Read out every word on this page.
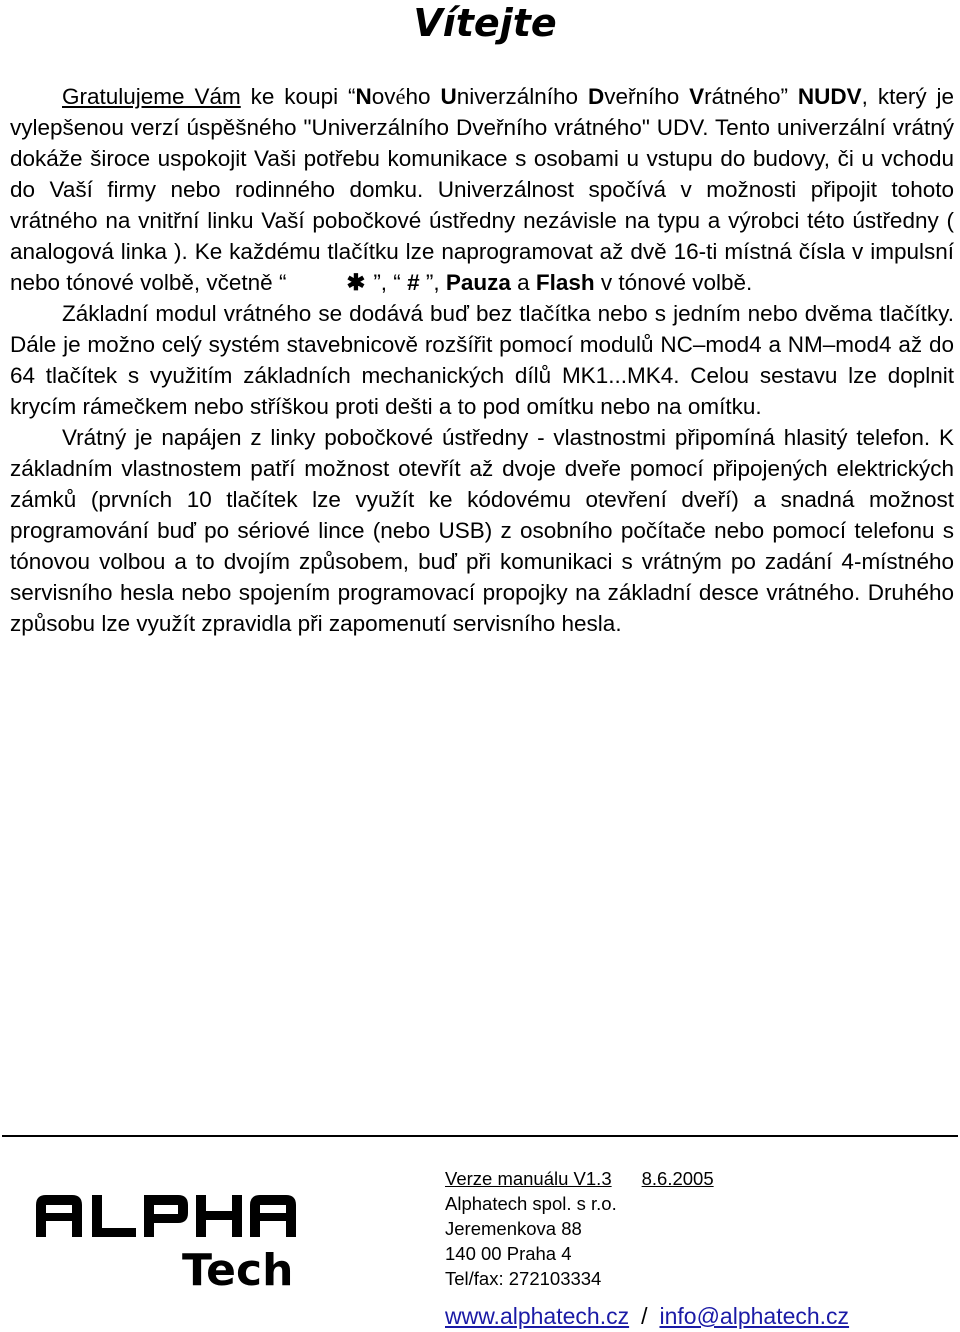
Vítejte

Gratulujeme Vám ke koupi “Nového Univerzálního Dveřního Vrátného” NUDV, který je vylepšenou verzí úspěšného "Univerzálního Dveřního vrátného" UDV. Tento univerzální vrátný dokáže široce uspokojit Vaši potřebu komunikace s osobami u vstupu do budovy, či u vchodu do Vaší firmy nebo rodinného domku. Univerzálnost spočívá v možnosti připojit tohoto vrátného na vnitřní linku Vaší pobočkové ústředny nezávisle na typu a výrobci této ústředny ( analogová linka ). Ke každému tlačítku lze naprogramovat až dvě 16-ti místná čísla v impulsní nebo tónové volbě, včetně “	✱ ”, “ # ”, Pauza a Flash v tónové volbě.

Základní modul vrátného se dodává buď bez tlačítka nebo s jedním nebo dvěma tlačítky. Dále je možno celý systém stavebnicově rozšířit pomocí modulů NC–mod4 a NM–mod4 až do 64 tlačítek s využitím základních mechanických dílů MK1...MK4. Celou sestavu lze doplnit krycím rámečkem nebo stříškou proti dešti a to pod omítku nebo na omítku.

Vrátný je napájen z linky pobočkové ústředny - vlastnostmi připomíná hlasitý telefon. K základním vlastnostem patří možnost otevřít až dvoje dveře pomocí připojených elektrických zámků (prvních 10 tlačítek lze využít ke kódovému otevření dveří) a snadná možnost programování buď po sériové lince (nebo USB) z osobního počítače nebo pomocí telefonu s tónovou volbou a to dvojím způsobem, buď při komunikaci s vrátným po zadání 4-místného servisního hesla nebo spojením programovací propojky na základní desce vrátného. Druhého způsobu lze využít zpravidla při zapomenutí servisního hesla.

Tech
Verze manuálu V1.3 8.6.2005
Alphatech spol. s r.o.
Jeremenkova 88
140 00 Praha 4
Tel/fax: 272103334
www.alphatech.cz / info@alphatech.cz
